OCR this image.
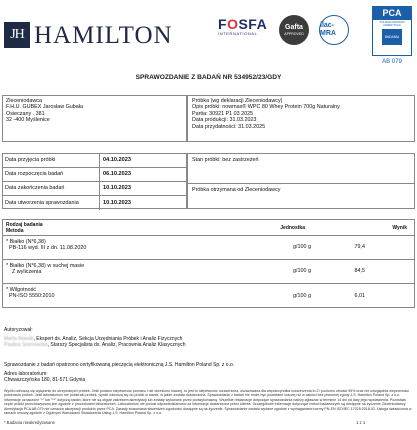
JH HAMILTON	FOSFA
INTERNATIONAL
Gafta
APPROVED
ilac-MRA
PCA
POLSKIE CENTRUM AKREDYTACJI
BADANIA
AB 079
SPRAWOZDANIE Z BADAŃ NR 534952/23/GDY
Zleceniodawca
F.H.U. GUBEX Jarosław Gubała
Osieczany . 381
32 -400 Myślenice
Próbka (wg deklaracji Zleceniodawcy)
Opis próbki: nowmax® WPC 80 Whey Protein 700g Naturalny
Partia: 30921 P1 03 2025
Data produkcji: 31.03.2023
Data przydatności: 31.03.2025
Data przyjęcia próbki	04.10.2023
Data rozpoczęcia badań	06.10.2023
Data zakończenia badań	10.10.2023
Data utworzenia sprawozdania	10.10.2023
Stan próbki: bez zastrzeżeń
Próbka otrzymana od Zleceniodawcy
Rodzaj badania
Metoda	Jednostka	Wynik
* Białko (N*6,38)
PB-116 wyd. III z dn. 11.08.2020	g/100 g	79,4
* Białko (N*6,38) w suchej masie
Z wyliczenia	g/100 g	84,5
* Wilgotność
PN-ISO 5550:2010	g/100 g	6,01
Autoryzował:
Marta Nowak, Ekspert ds. Analiz, Sekcja Urzędniania Próbek i Analiz Fizycznych
Paulina Sosnowska, Starszy Specjalista ds. Analiz, Pracownia Analiz Klasycznych
Sprawozdanie z badań opatrzono certyfikowaną pieczęcią elektroniczną J.S. Hamilton Poland Sp. z o.o.
Adres laboratorium:
Chwaszczyńska 180, 81-571 Gdynia
Wyniki odnoszą się wyłącznie do otrzymanych próbek. Jeśli podano niepewność pomiaru i nie określono inaczej, to jest to niepewność rozszerzona, oszacowana dla współczynnika rozszerzenia k=2 i poziomu ufności 95% oraz nie uwzględnia niepewności pobierania próbek. Jeśli laboratorium nie pobierało próbek, wyniki odnoszą się do próbki w stanie, w jakim została dostarczona. Sprawozdanie z badań nie może być powielane inaczej niż w całości bez pisemnej zgody J.S. Hamilton Poland Sp. z o.o. Informacje oznaczone "*" lub "**" dotyczą badań, które nie są objęte zakresem akredytacji lub zostały wykonane przez podwykonawcę. Wszelkie reklamacje dotyczące sprawozdania należy zgłaszać w terminie 14 dni od daty jego wystawienia. Pozostała część próbki przechowywana jest zgodnie z procedurami laboratorium. Laboratorium nie ponosi odpowiedzialności za informacje dostarczone przez klienta. Szczegółowe informacje dotyczące metod badawczych są dostępne na życzenie Zleceniodawcy. Akredytacja PCA AB 079 nie oznacza akceptacji produktu przez PCA. Zasady stosowania stwierdzeń zgodności dostępne są na życzenie. Sprawozdanie zostało wydane zgodnie z wymaganiami normy PN-EN ISO/IEC 17025:2018-02. Usługa świadczona w ramach umowy zgodnie z Ogólnymi Warunkami Świadczenia Usług J.S. Hamilton Poland Sp. z o.o.
* Badania nieakredytowane	1 z 1
